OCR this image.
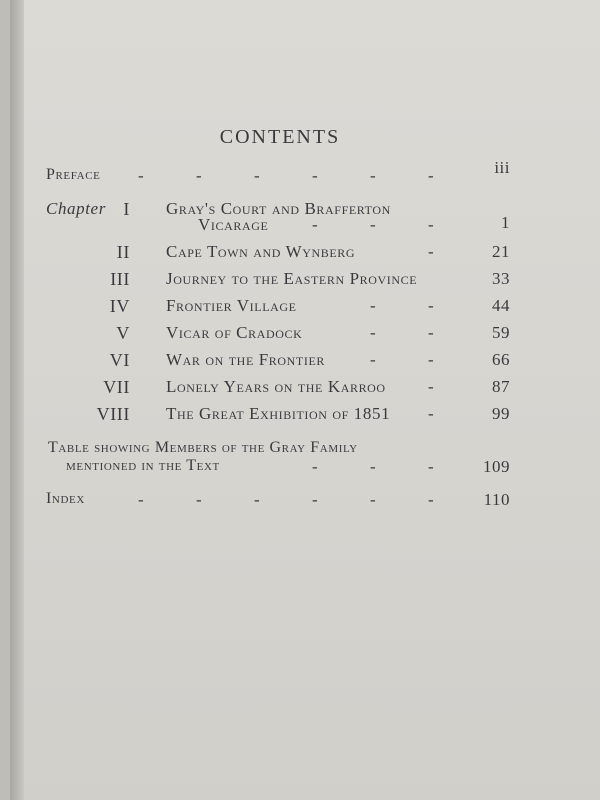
CONTENTS
Preface -	-	-	-	-	-	iii
Chapter I Gray's Court and Brafferton
Vicarage	-	-	-	1
II Cape Town and Wynberg	-	21
III Journey to the Eastern Province	33
IV Frontier Village	-	-	44
V Vicar of Cradock	-	-	59
VI War on the Frontier	-	-	66
VII Lonely Years on the Karroo -	87
VIII The Great Exhibition of 1851 -	99
Table showing Members of the Gray Family
mentioned in the Text	-	-	-	109
Index	-	-	-	-	-	-	110
